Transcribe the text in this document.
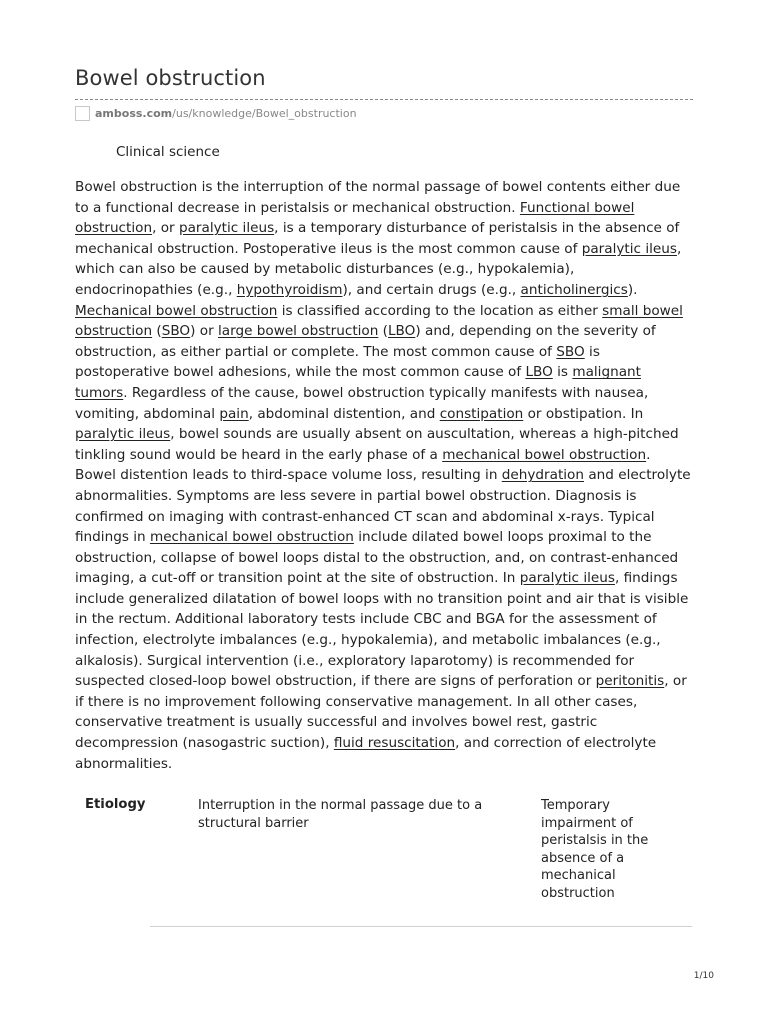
Bowel obstruction
amboss.com /us/knowledge/Bowel_obstruction
Clinical science

Bowel obstruction is the interruption of the normal passage of bowel contents either due to a functional decrease in peristalsis or mechanical obstruction. Functional bowel obstruction, or paralytic ileus, is a temporary disturbance of peristalsis in the absence of mechanical obstruction. Postoperative ileus is the most common cause of paralytic ileus, which can also be caused by metabolic disturbances (e.g., hypokalemia), endocrinopathies (e.g., hypothyroidism), and certain drugs (e.g., anticholinergics). Mechanical bowel obstruction is classified according to the location as either small bowel obstruction (SBO) or large bowel obstruction (LBO) and, depending on the severity of obstruction, as either partial or complete. The most common cause of SBO is postoperative bowel adhesions, while the most common cause of LBO is malignant tumors. Regardless of the cause, bowel obstruction typically manifests with nausea, vomiting, abdominal pain, abdominal distention, and constipation or obstipation. In paralytic ileus, bowel sounds are usually absent on auscultation, whereas a high-pitched tinkling sound would be heard in the early phase of a mechanical bowel obstruction. Bowel distention leads to third-space volume loss, resulting in dehydration and electrolyte abnormalities. Symptoms are less severe in partial bowel obstruction. Diagnosis is confirmed on imaging with contrast-enhanced CT scan and abdominal x-rays. Typical findings in mechanical bowel obstruction include dilated bowel loops proximal to the obstruction, collapse of bowel loops distal to the obstruction, and, on contrast-enhanced imaging, a cut-off or transition point at the site of obstruction. In paralytic ileus, findings include generalized dilatation of bowel loops with no transition point and air that is visible in the rectum. Additional laboratory tests include CBC and BGA for the assessment of infection, electrolyte imbalances (e.g., hypokalemia), and metabolic imbalances (e.g., alkalosis). Surgical intervention (i.e., exploratory laparotomy) is recommended for suspected closed-loop bowel obstruction, if there are signs of perforation or peritonitis, or if there is no improvement following conservative management. In all other cases, conservative treatment is usually successful and involves bowel rest, gastric decompression (nasogastric suction), fluid resuscitation, and correction of electrolyte abnormalities.

Etiology	Interruption in the normal passage due to a structural barrier
Temporary impairment of peristalsis in the absence of a mechanical obstruction
1/10
